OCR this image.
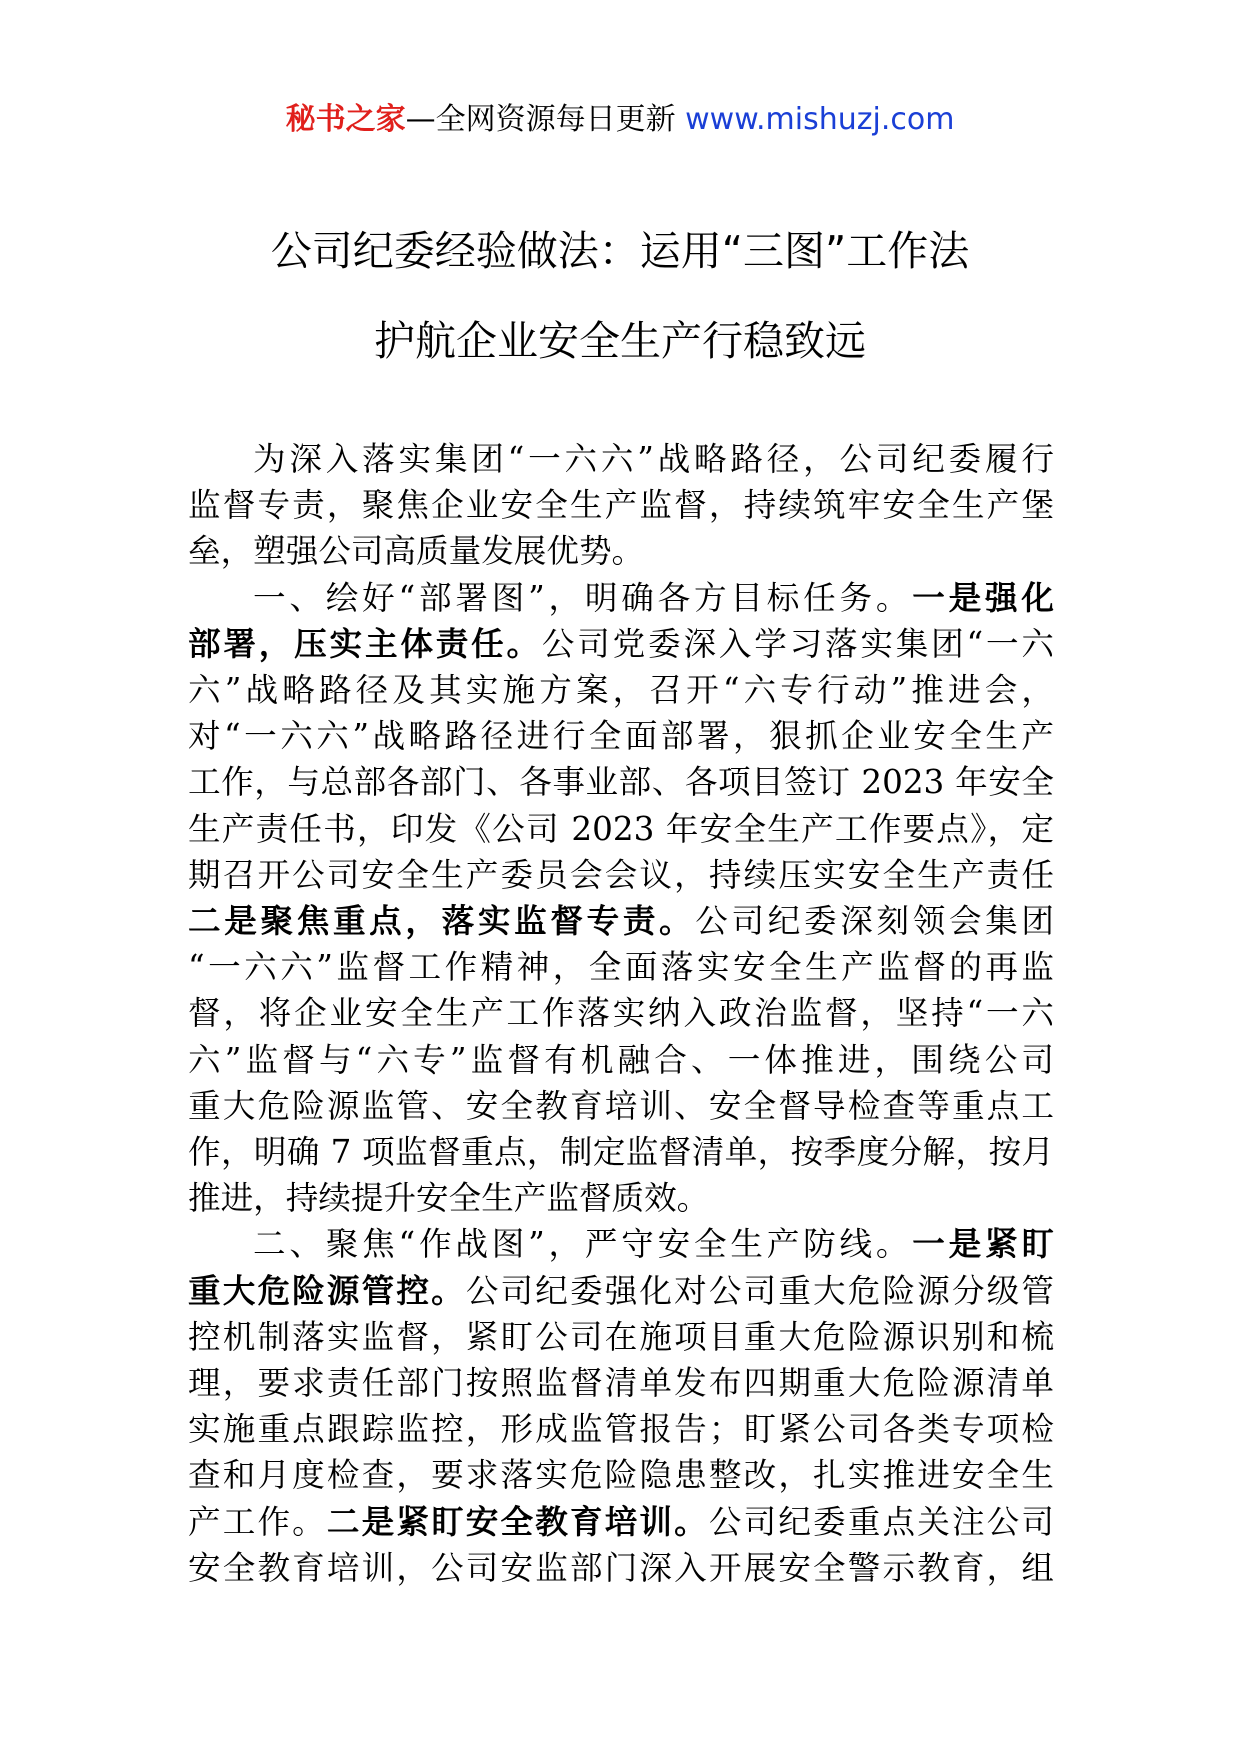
秘书之家—全网资源每日更新 www.mishuzj.com
公司纪委经验做法：运用“三图”工作法
护航企业安全生产行稳致远
为深入落实集团“一六六”战略路径，公司纪委履行
监督专责，聚焦企业安全生产监督，持续筑牢安全生产堡
垒，塑强公司高质量发展优势。
一、绘好“部署图”，明确各方目标任务。一是强化
部署，压实主体责任。公司党委深入学习落实集团“一六
六”战略路径及其实施方案，召开“六专行动”推进会，
对“一六六”战略路径进行全面部署，狠抓企业安全生产
工作，与总部各部门、各事业部、各项目签订 2023 年安全
生产责任书，印发《公司 2023 年安全生产工作要点》，定
期召开公司安全生产委员会会议，持续压实安全生产责任
二是聚焦重点，落实监督专责。公司纪委深刻领会集团
“一六六”监督工作精神，全面落实安全生产监督的再监
督，将企业安全生产工作落实纳入政治监督，坚持“一六
六”监督与“六专”监督有机融合、一体推进，围绕公司
重大危险源监管、安全教育培训、安全督导检查等重点工
作，明确 7 项监督重点，制定监督清单，按季度分解，按月
推进，持续提升安全生产监督质效。
二、聚焦“作战图”，严守安全生产防线。一是紧盯
重大危险源管控。公司纪委强化对公司重大危险源分级管
控机制落实监督，紧盯公司在施项目重大危险源识别和梳
理，要求责任部门按照监督清单发布四期重大危险源清单
实施重点跟踪监控，形成监管报告；盯紧公司各类专项检
查和月度检查，要求落实危险隐患整改，扎实推进安全生
产工作。二是紧盯安全教育培训。公司纪委重点关注公司
安全教育培训，公司安监部门深入开展安全警示教育，组
